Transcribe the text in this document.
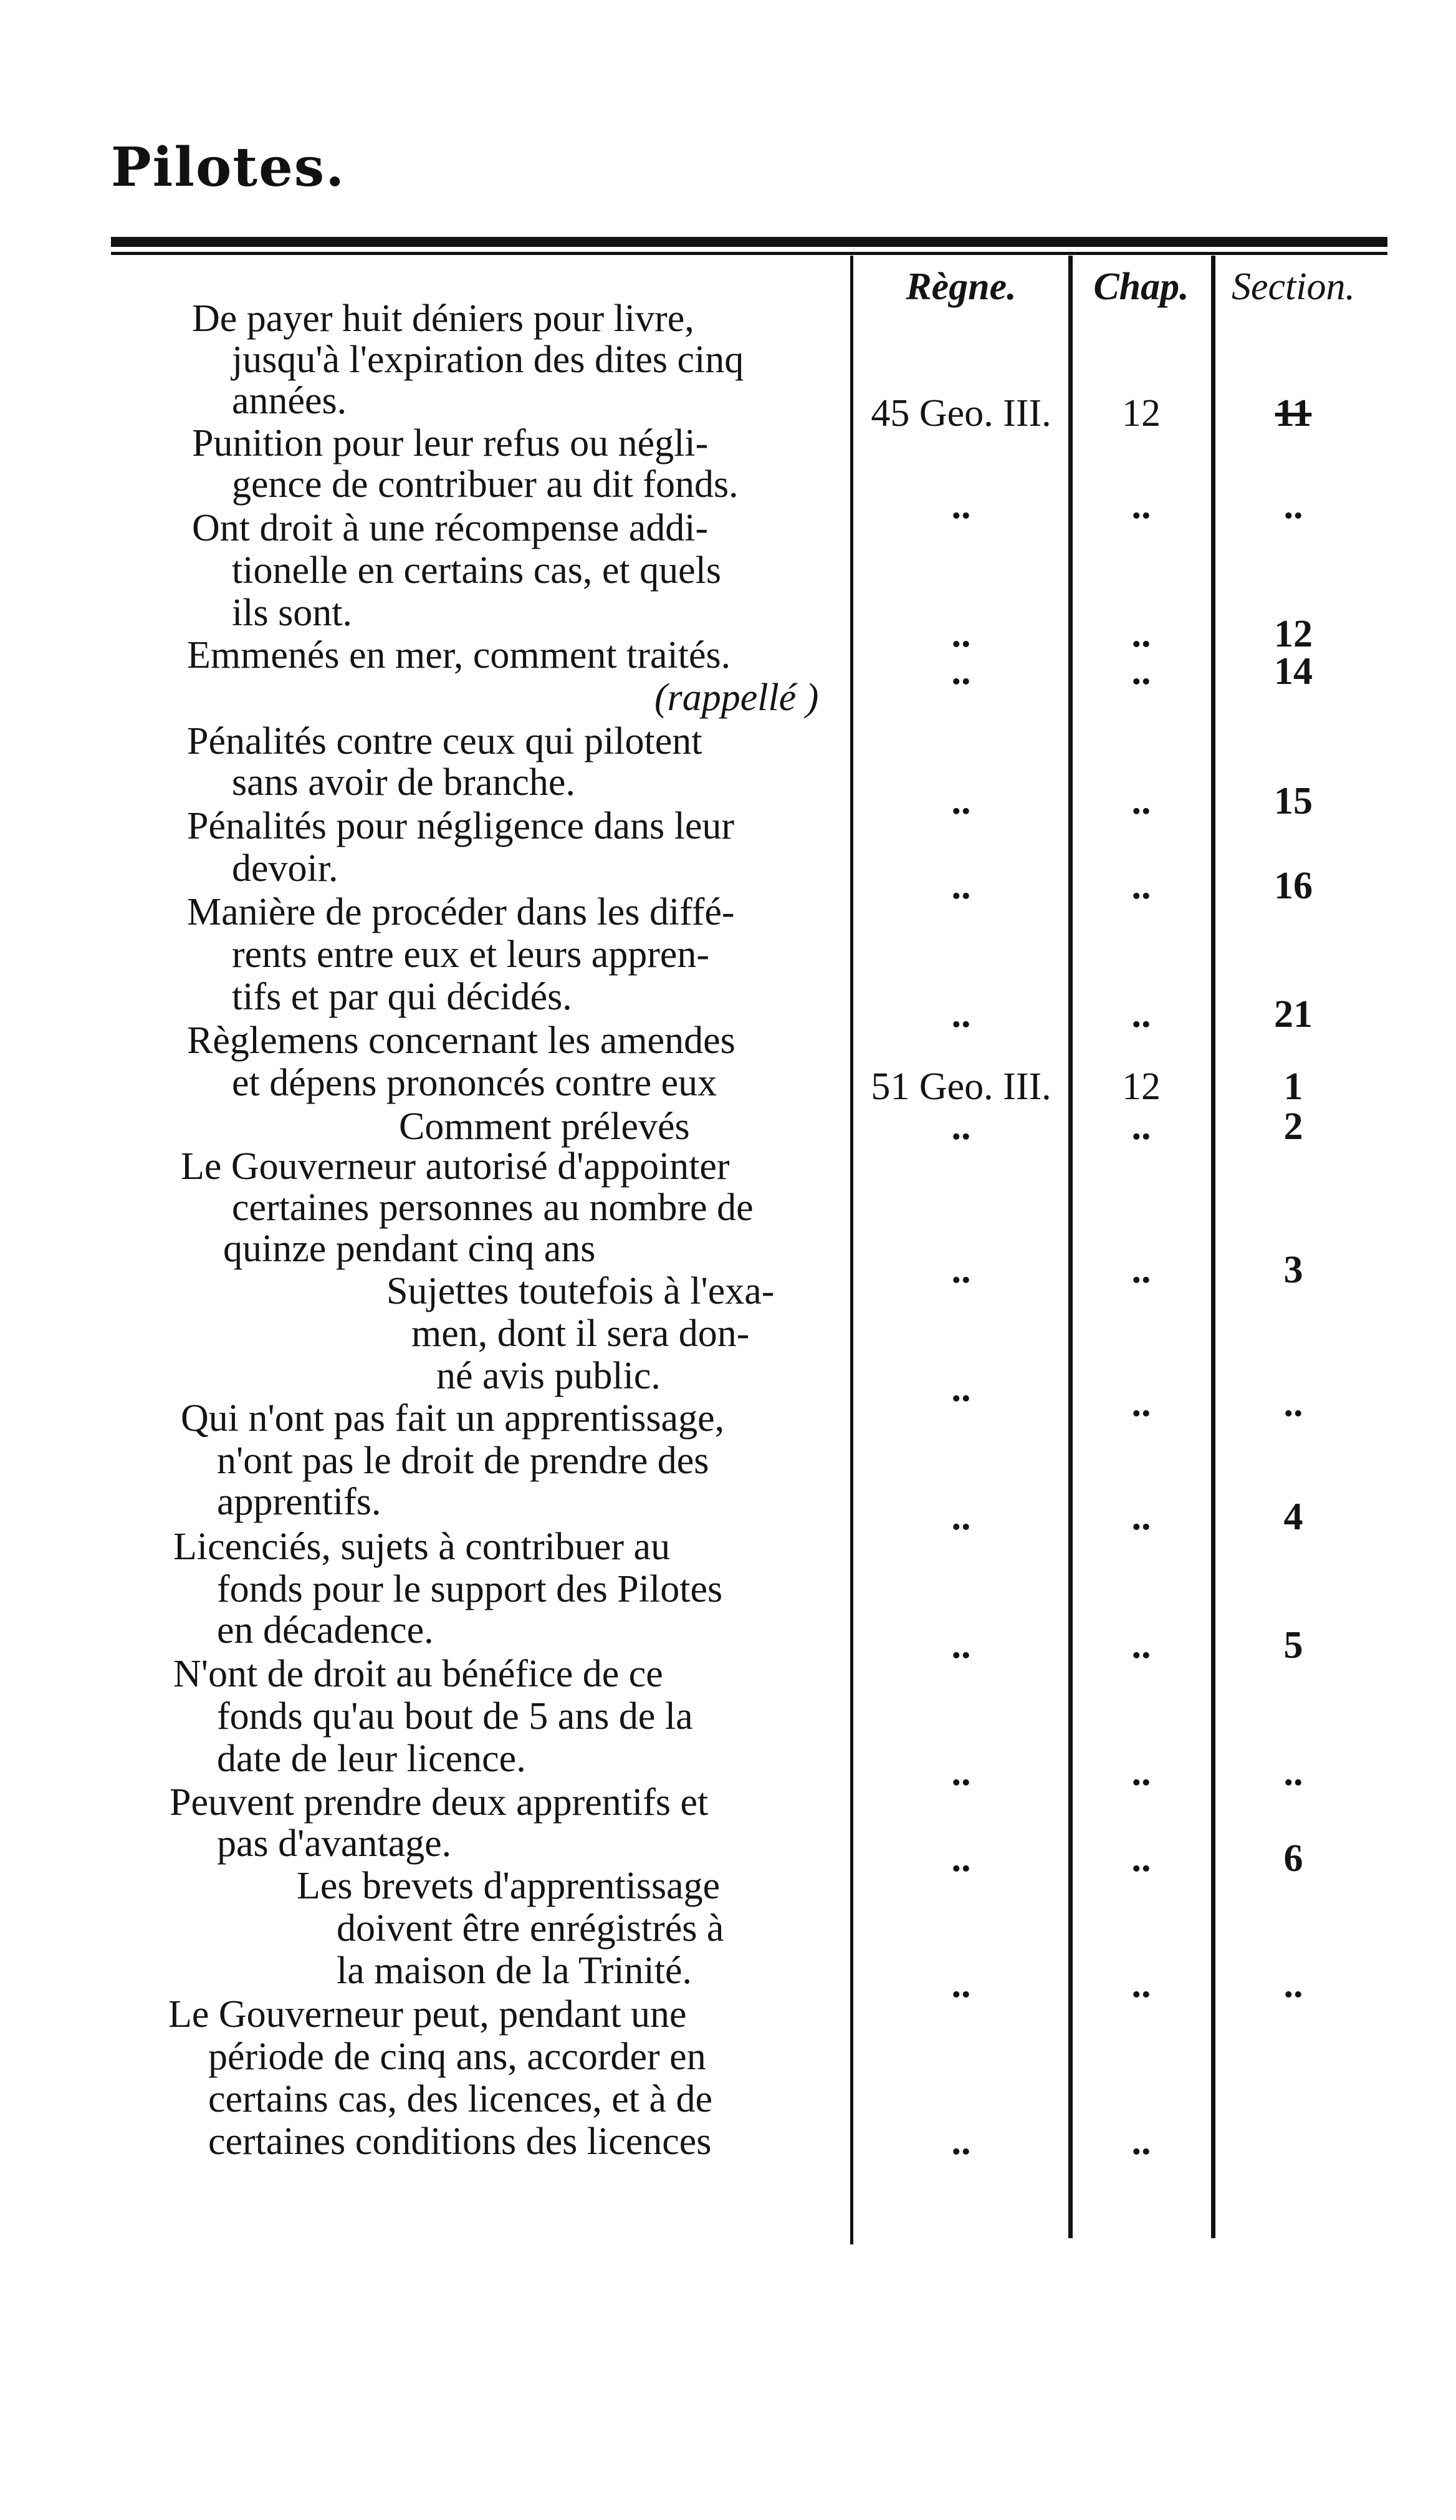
Pilotes.
Règne.	Chap.	Section.
De payer huit déniers pour livre,
jusqu'à l'expiration des dites cinq
années.
Punition pour leur refus ou négli-
gence de contribuer au dit fonds.
Ont droit à une récompense addi-
tionelle en certains cas, et quels
ils sont.
Emmenés en mer, comment traités.
(rappellé )
Pénalités contre ceux qui pilotent
sans avoir de branche.
Pénalités pour négligence dans leur
devoir.
Manière de procéder dans les diffé-
rents entre eux et leurs appren-
tifs et par qui décidés.
Règlemens concernant les amendes
et dépens prononcés contre eux
Comment prélevés
Le Gouverneur autorisé d'appointer
certaines personnes au nombre de
quinze pendant cinq ans
Sujettes toutefois à l'exa-
men, dont il sera don-
né avis public.
Qui n'ont pas fait un apprentissage,
n'ont pas le droit de prendre des
apprentifs.
Licenciés, sujets à contribuer au
fonds pour le support des Pilotes
en décadence.
N'ont de droit au bénéfice de ce
fonds qu'au bout de 5 ans de la
date de leur licence.
Peuvent prendre deux apprentifs et
pas d'avantage.
Les brevets d'apprentissage
doivent être enrégistrés à
la maison de la Trinité.
Le Gouverneur peut, pendant une
période de cinq ans, accorder en
certains cas, des licences, et à de
certaines conditions des licences
45 Geo. III.
..
..
..
..
..
..
51 Geo. III.
..
..
..
..
..
..
..
..
..
12
..
..
..
..
..
..
12
..
..
..
..
..
..
..
..
..
11
..
12
14
15
16
21
1
2
3
..
4
5
..
6
..
